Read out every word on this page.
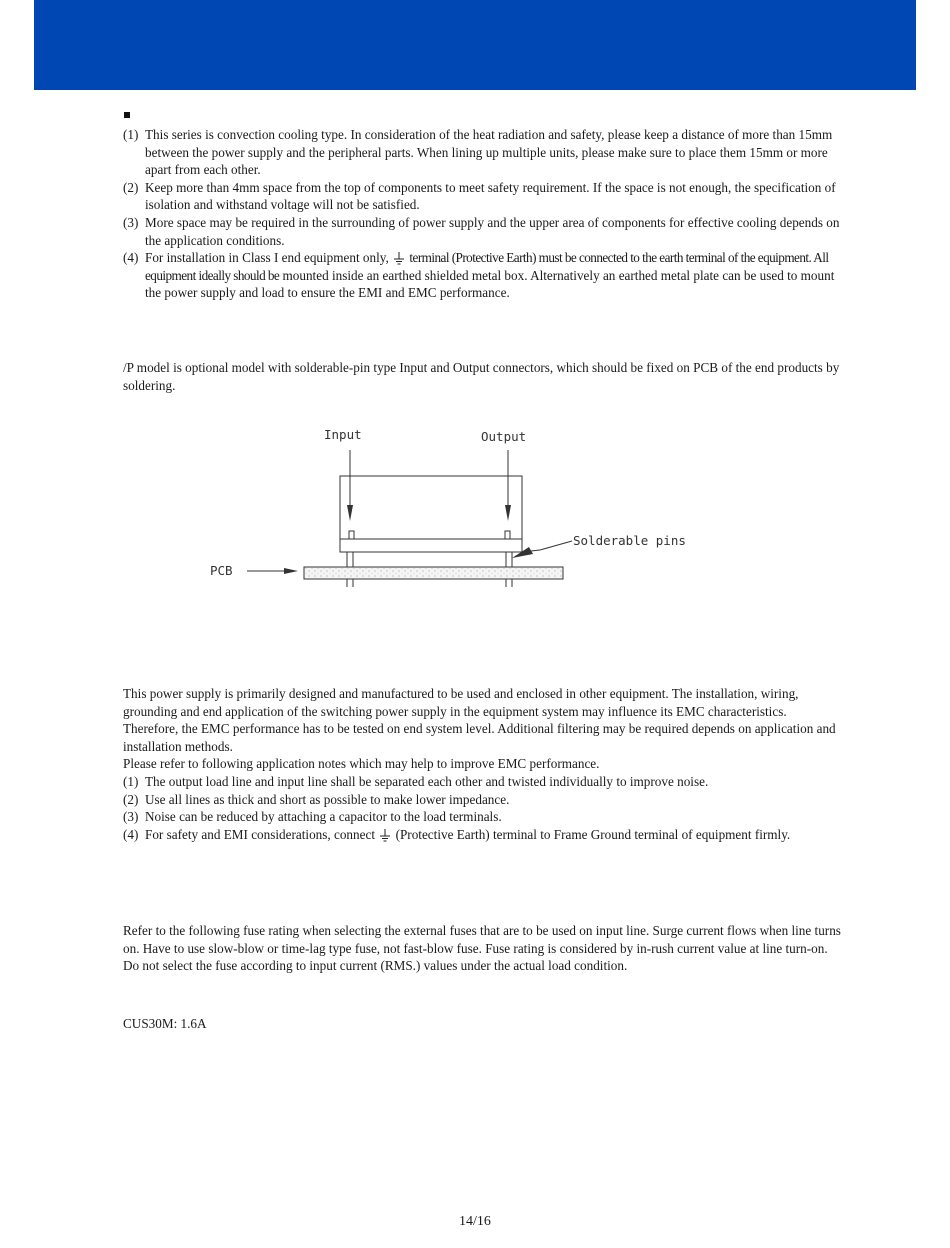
(1) This series is convection cooling type. In consideration of the heat radiation and safety, please keep a distance of more than 15mm between the power supply and the peripheral parts. When lining up multiple units, please make sure to place them 15mm or more apart from each other.

(2) Keep more than 4mm space from the top of components to meet safety requirement. If the space is not enough, the specification of isolation and withstand voltage will not be satisfied.

(3) More space may be required in the surrounding of power supply and the upper area of components for effective cooling depends on the application conditions.

(4) For installation in Class I end equipment only, terminal (Protective Earth) must be connected to the earth terminal of the equipment. All equipment ideally should be mounted inside an earthed shielded metal box. Alternatively an earthed metal plate can be used to mount the power supply and load to ensure the EMI and EMC performance.

/P model is optional model with solderable-pin type Input and Output connectors, which should be fixed on PCB of the end products by soldering.

Input	Output
Solderable pins
PCB

This power supply is primarily designed and manufactured to be used and enclosed in other equipment. The installation, wiring, grounding and end application of the switching power supply in the equipment system may influence its EMC characteristics. Therefore, the EMC performance has to be tested on end system level. Additional filtering may be required depends on application and installation methods.

Please refer to following application notes which may help to improve EMC performance.

(1) The output load line and input line shall be separated each other and twisted individually to improve noise.

(2) Use all lines as thick and short as possible to make lower impedance.

(3) Noise can be reduced by attaching a capacitor to the load terminals.

(4) For safety and EMI considerations, connect (Protective Earth) terminal to Frame Ground terminal of equipment firmly.

Refer to the following fuse rating when selecting the external fuses that are to be used on input line. Surge current flows when line turns on. Have to use slow-blow or time-lag type fuse, not fast-blow fuse. Fuse rating is considered by in-rush current value at line turn-on. Do not select the fuse according to input current (RMS.) values under the actual load condition.

CUS30M: 1.6A

14/16
